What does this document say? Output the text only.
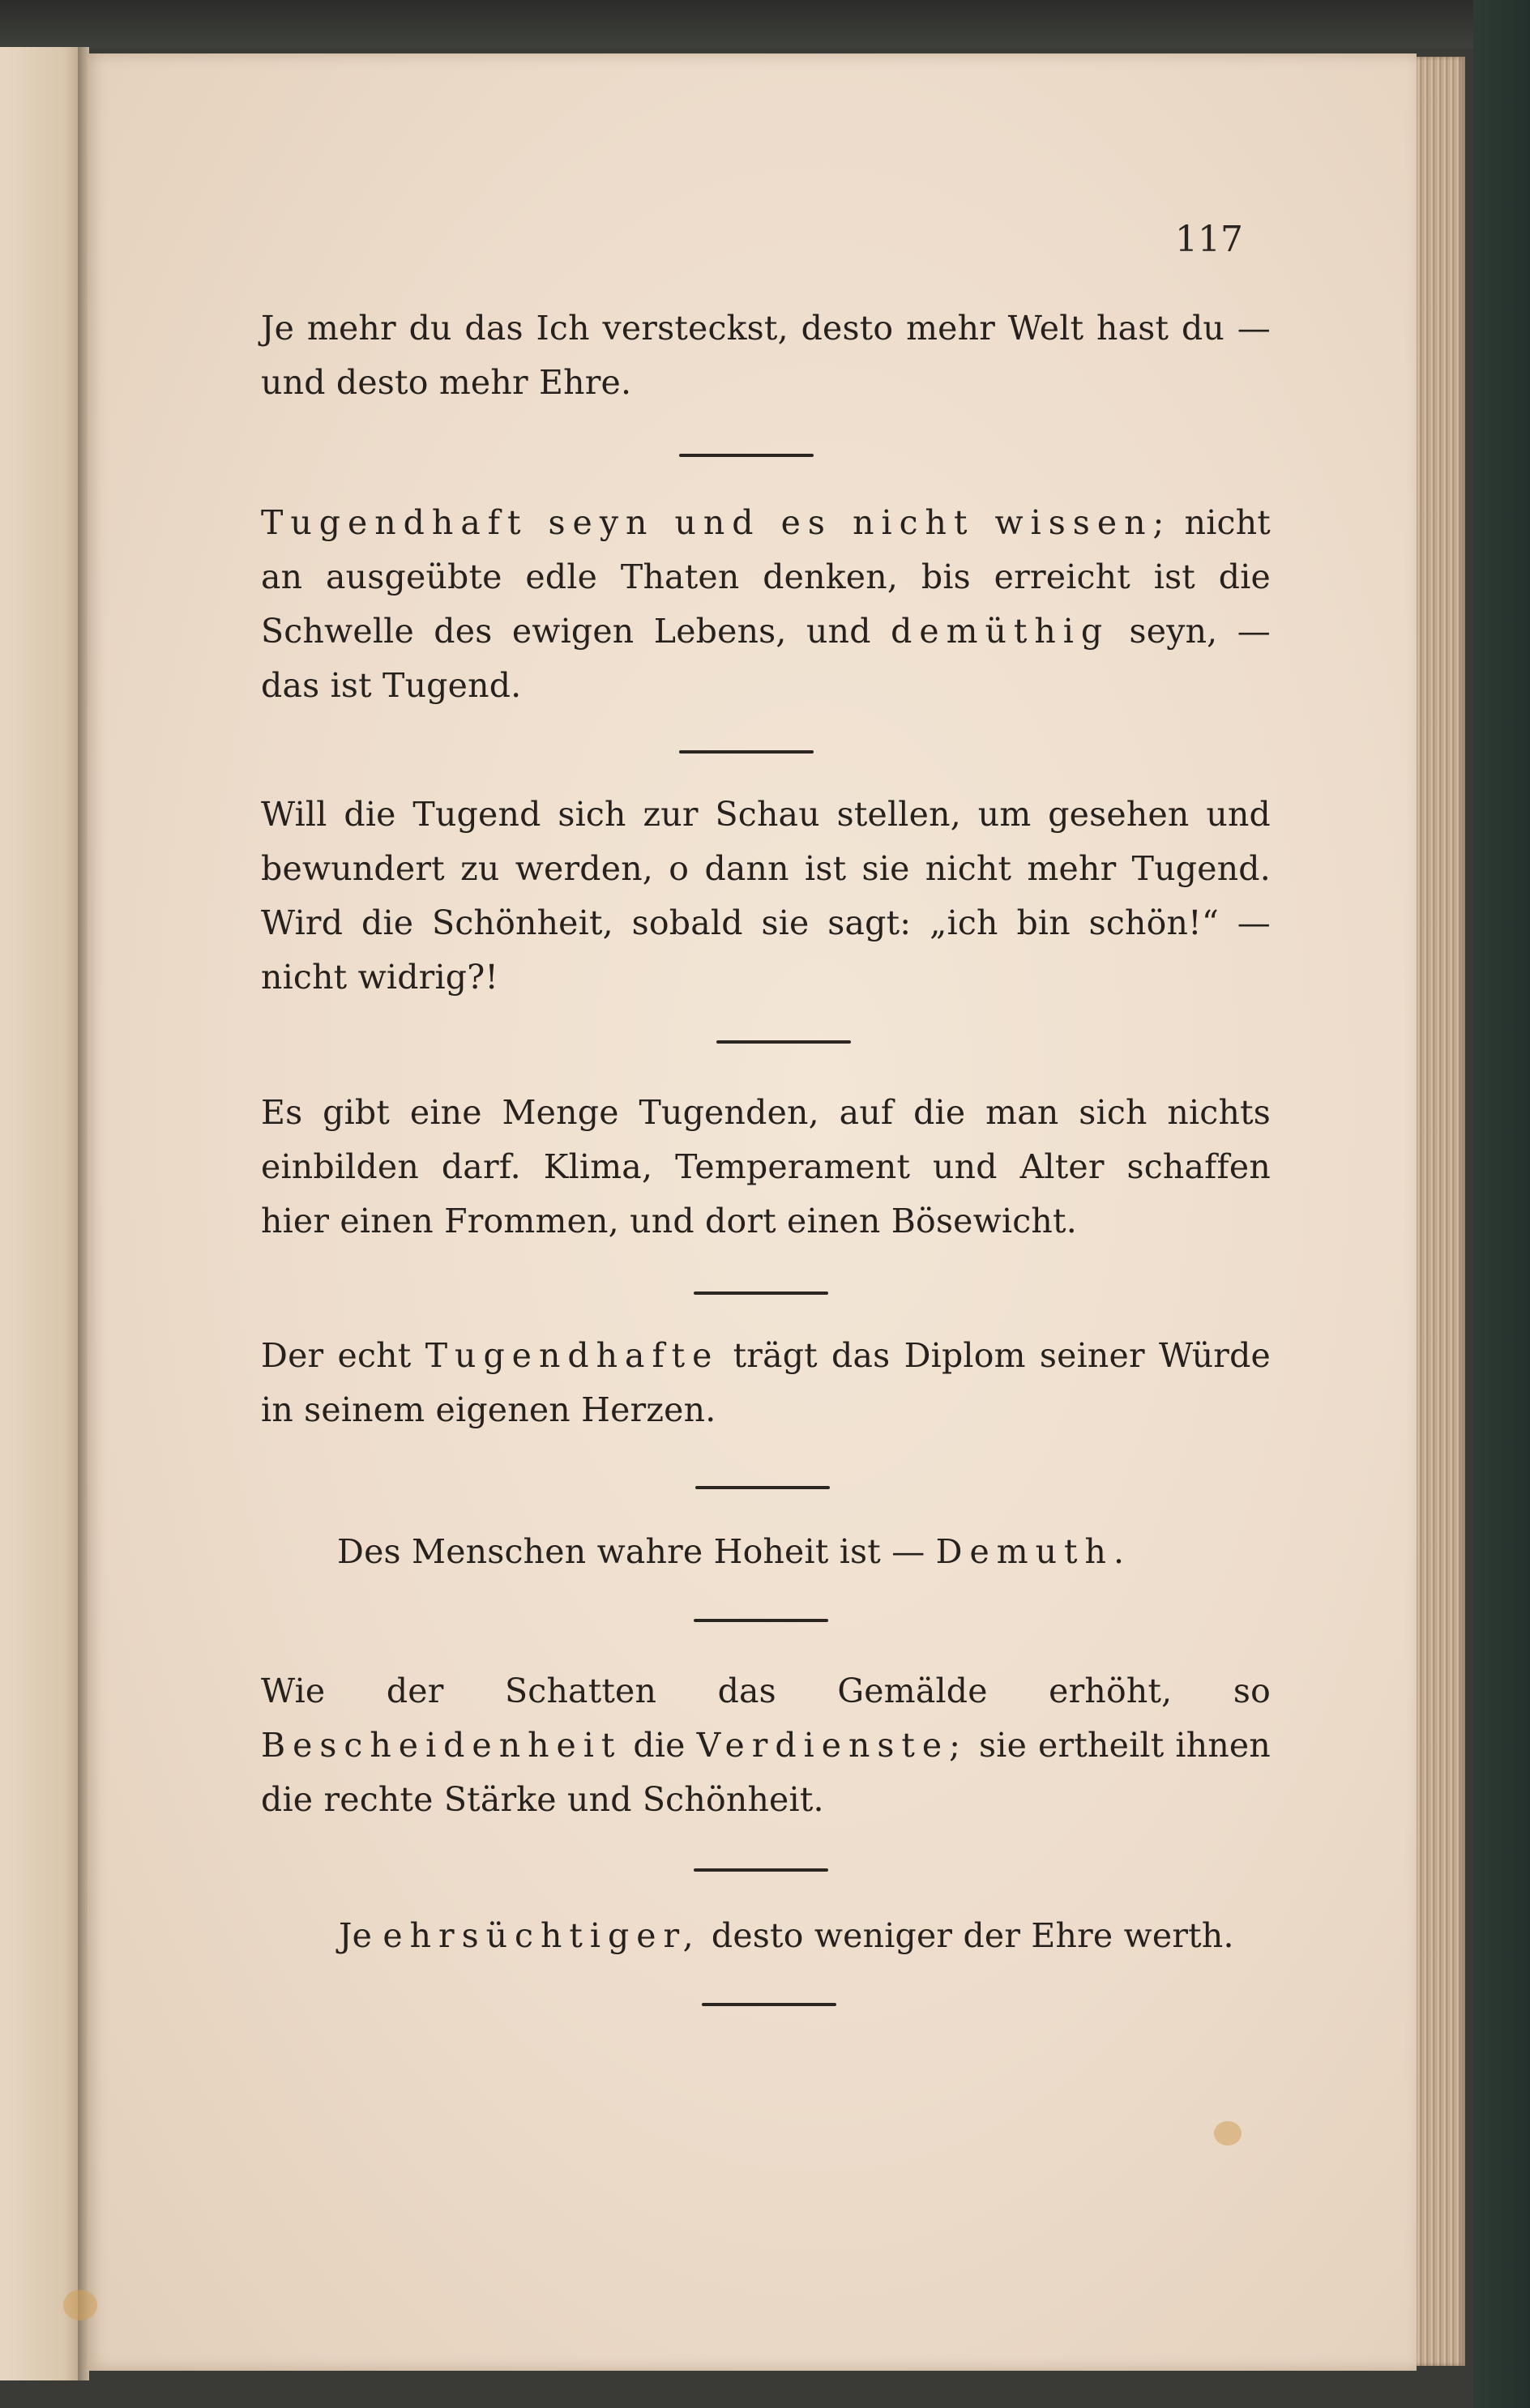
117
Je mehr du das Ich versteckst, desto mehr Welt hast du — und desto mehr Ehre.
Tugendhaft seyn und es nicht wissen; nicht an ausgeübte edle Thaten denken, bis erreicht ist die Schwelle des ewigen Lebens, und demüthig seyn, — das ist Tugend.
Will die Tugend sich zur Schau stellen, um gesehen und bewundert zu werden, o dann ist sie nicht mehr Tugend. Wird die Schönheit, sobald sie sagt: „ich bin schön!“ — nicht widrig?!
Es gibt eine Menge Tugenden, auf die man sich nichts einbilden darf. Klima, Temperament und Alter schaffen hier einen Frommen, und dort einen Bösewicht.
Der echt Tugendhafte trägt das Diplom seiner Würde in seinem eigenen Herzen.
Des Menschen wahre Hoheit ist — Demuth.
Wie der Schatten das Gemälde erhöht, so Bescheidenheit die Verdienste; sie ertheilt ihnen die rechte Stärke und Schönheit.
Je ehrsüchtiger, desto weniger der Ehre werth.
